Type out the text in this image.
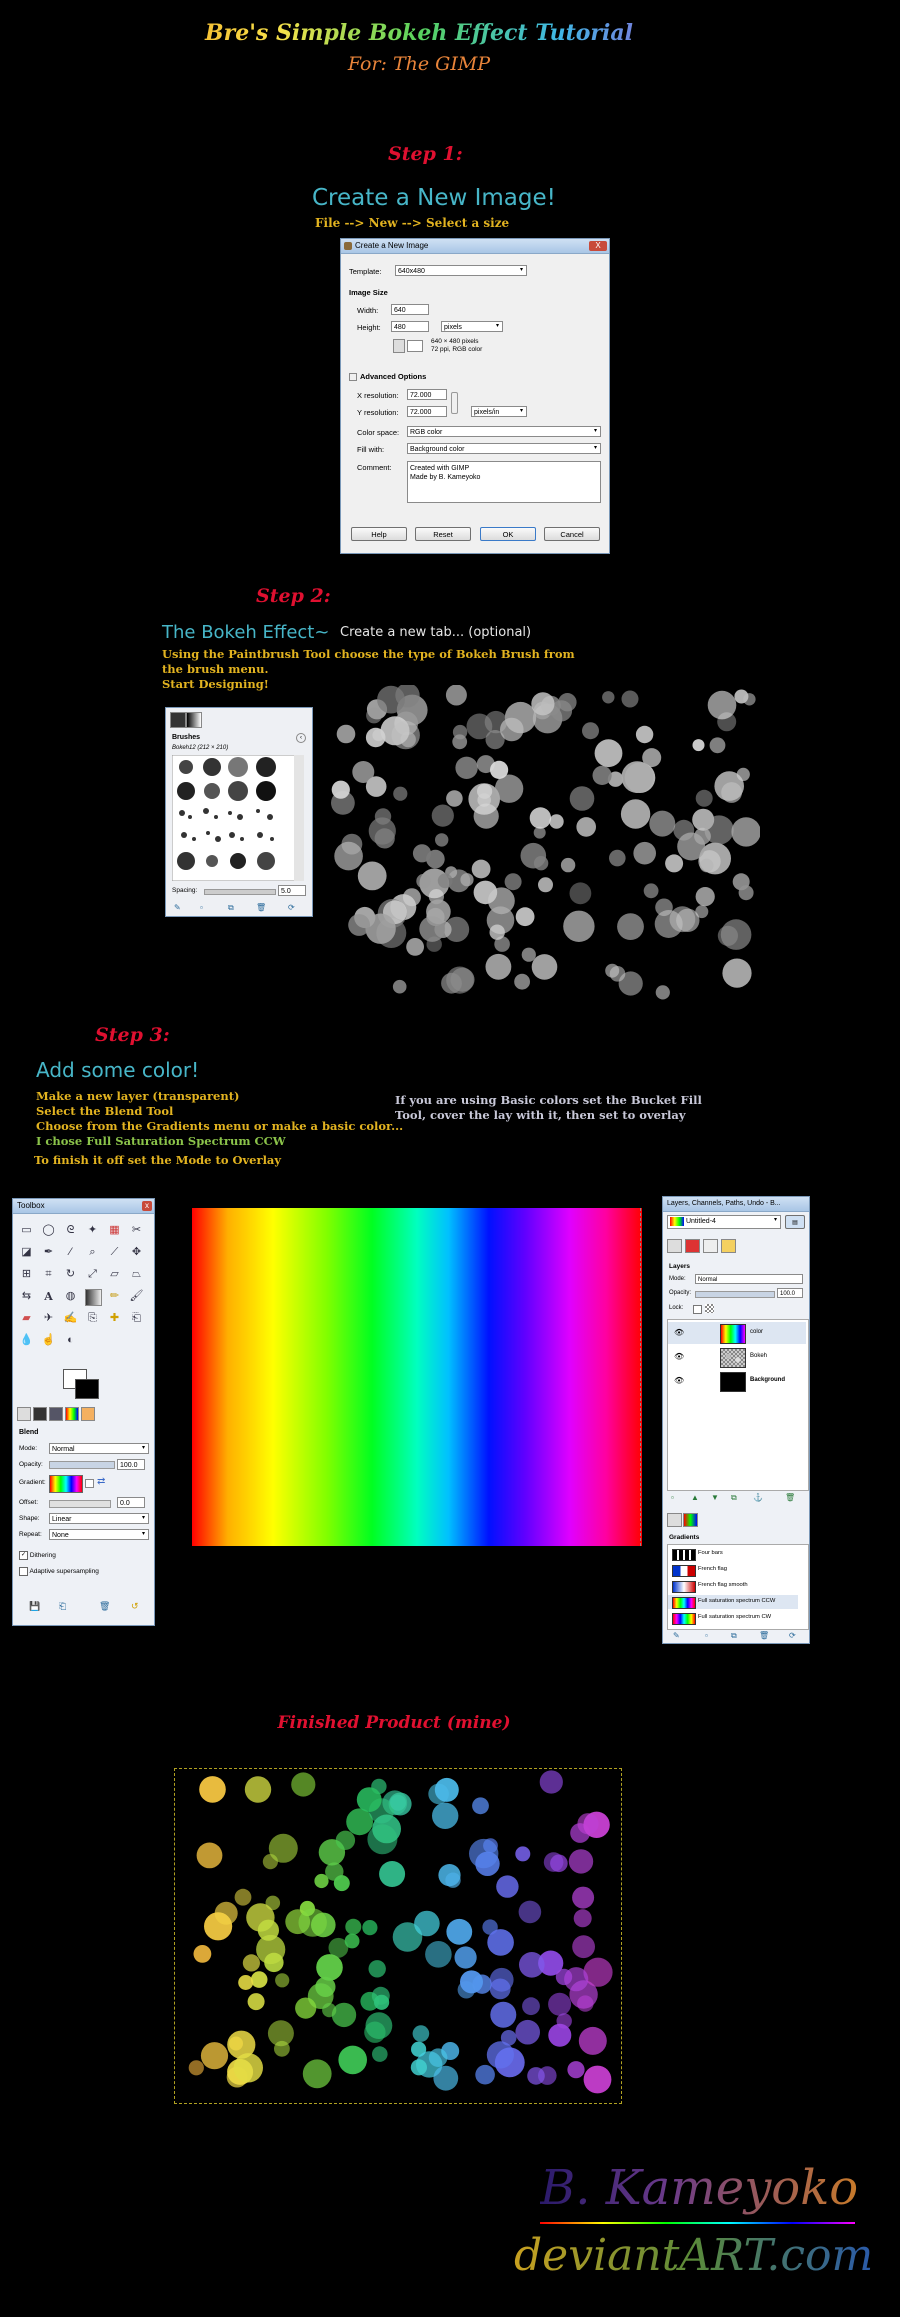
Bre's Simple Bokeh Effect Tutorial
For: The GIMP
Step 1:
Create a New Image!
File --> New --> Select a size
Create a New Image	X
Template:	640x480	▾
Image Size
Width:	640
Height:	480	pixels	▾
640 × 480 pixels
72 ppi, RGB color
Advanced Options
X resolution:	72.000
Y resolution:	72.000	pixels/in	▾
Color space:	RGB color	▾
Fill with:	Background color	▾
Comment:	Created with GIMP
Made by B. Kameyoko
Help	Reset	OK	Cancel
Step 2:
The Bokeh Effect~ Create a new tab... (optional)
Using the Paintbrush Tool choose the type of Bokeh Brush from
the brush menu.
Start Designing!
Brushes	‹
Bokeh12 (212 × 210)
Spacing:	5.0
✎ ▫	⧉	🗑	⟳
Step 3:
Add some color!
Make a new layer (transparent)
Select the Blend Tool
Choose from the Gradients menu or make a basic color...
I chose Full Saturation Spectrum CCW
To finish it off set the Mode to Overlay
If you are using Basic colors set the Bucket Fill
Tool, cover the lay with it, then set to overlay
Toolbox	x
▭ ◯	ᘓ	✦ ▦ ✂
◪ ✒	⁄	⌕	⟋	✥
⊞	⌗	↻ ⤢ ▱ ⏢
⇆ A ◍	✏ 🖌
▰ ✈ ✍ ⎘ ✚ ⎗
💧 ☝	◐
Blend
Mode:	Normal	▾
Opacity:	100.0
Gradient:	⇄
Offset:	0.0
Shape:	Linear	▾
Repeat:	None	▾
✓ Dithering
Adaptive supersampling
💾 ⎗	🗑 ↺
Layers, Channels, Paths, Undo - B...
Untitled-4	▾	▤
Layers
Mode:	Normal
Opacity:	100.0
Lock:
👁	color
👁	Bokeh
👁	Background
▫ ▲ ▼ ⧉ ⚓	🗑
Gradients
Four bars
French flag
French flag smooth
Full saturation spectrum CCW
Full saturation spectrum CW
✎	▫	⧉	🗑 ⟳
Finished Product (mine)
B. Kameyoko
deviantART.com
